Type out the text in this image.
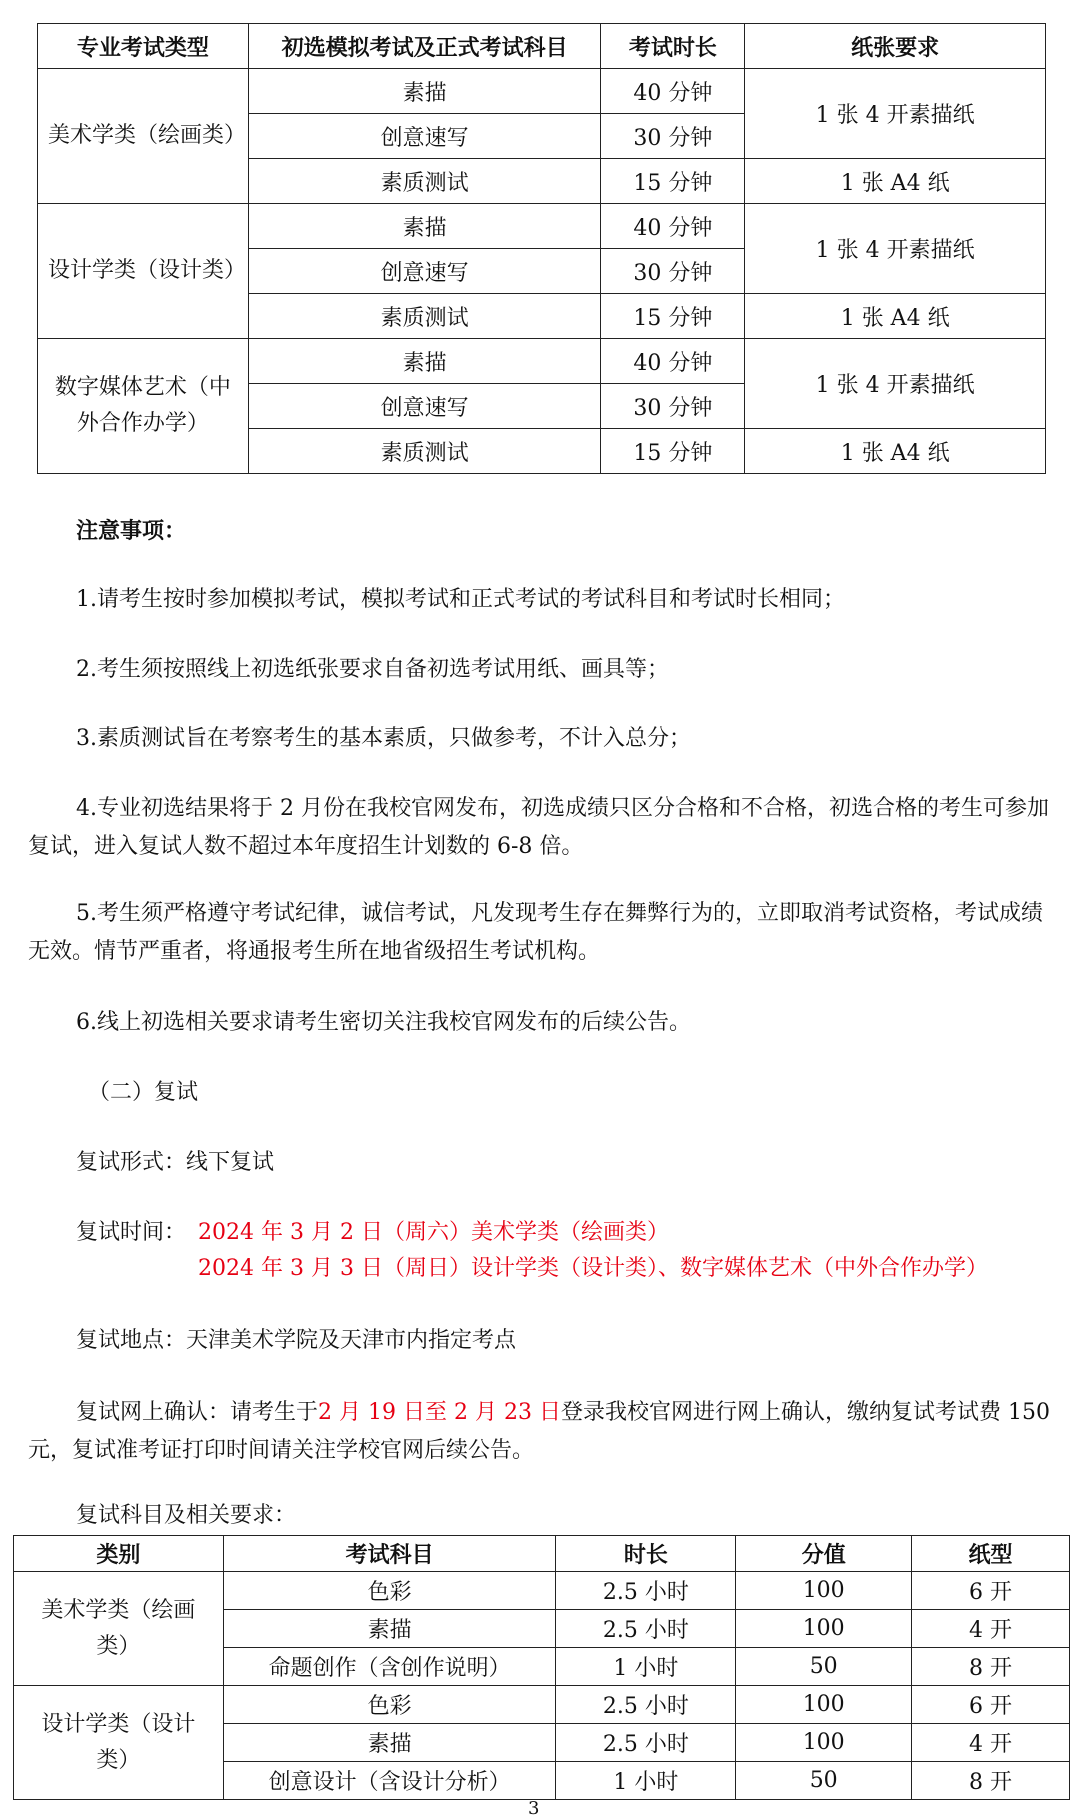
专业考试类型	初选模拟考试及正式考试科目	考试时长	纸张要求
美术学类（绘画类）	素描	40 分钟	1 张 4 开素描纸
	创意速写	30 分钟	
	素质测试	15 分钟	1 张 A4 纸
设计学类（设计类）	素描	40 分钟	1 张 4 开素描纸
	创意速写	30 分钟	
	素质测试	15 分钟	1 张 A4 纸
数字媒体艺术（中外合作办学）	素描	40 分钟	1 张 4 开素描纸
	创意速写	30 分钟	
	素质测试	15 分钟	1 张 A4 纸

注意事项：

1.请考生按时参加模拟考试，模拟考试和正式考试的考试科目和考试时长相同；

2.考生须按照线上初选纸张要求自备初选考试用纸、画具等；

3.素质测试旨在考察考生的基本素质，只做参考，不计入总分；

4.专业初选结果将于 2 月份在我校官网发布，初选成绩只区分合格和不合格，初选合格的考生可参加复试，进入复试人数不超过本年度招生计划数的 6-8 倍。

5.考生须严格遵守考试纪律，诚信考试，凡发现考生存在舞弊行为的，立即取消考试资格，考试成绩无效。情节严重者，将通报考生所在地省级招生考试机构。

6.线上初选相关要求请考生密切关注我校官网发布的后续公告。

（二）复试

复试形式：线下复试

复试时间： 2024 年 3 月 2 日（周六）美术学类（绘画类）
2024 年 3 月 3 日（周日）设计学类（设计类）、数字媒体艺术（中外合作办学）

复试地点：天津美术学院及天津市内指定考点

复试网上确认：请考生于2 月 19 日至 2 月 23 日登录我校官网进行网上确认，缴纳复试考试费 150 元，复试准考证打印时间请关注学校官网后续公告。

复试科目及相关要求：

类别	考试科目	时长	分值	纸型
美术学类（绘画类）	色彩	2.5 小时	100	6 开
	素描	2.5 小时	100	4 开
	命题创作（含创作说明）	1 小时	50	8 开
设计学类（设计类）	色彩	2.5 小时	100	6 开
	素描	2.5 小时	100	4 开
	创意设计（含设计分析）	1 小时	50	8 开
3
